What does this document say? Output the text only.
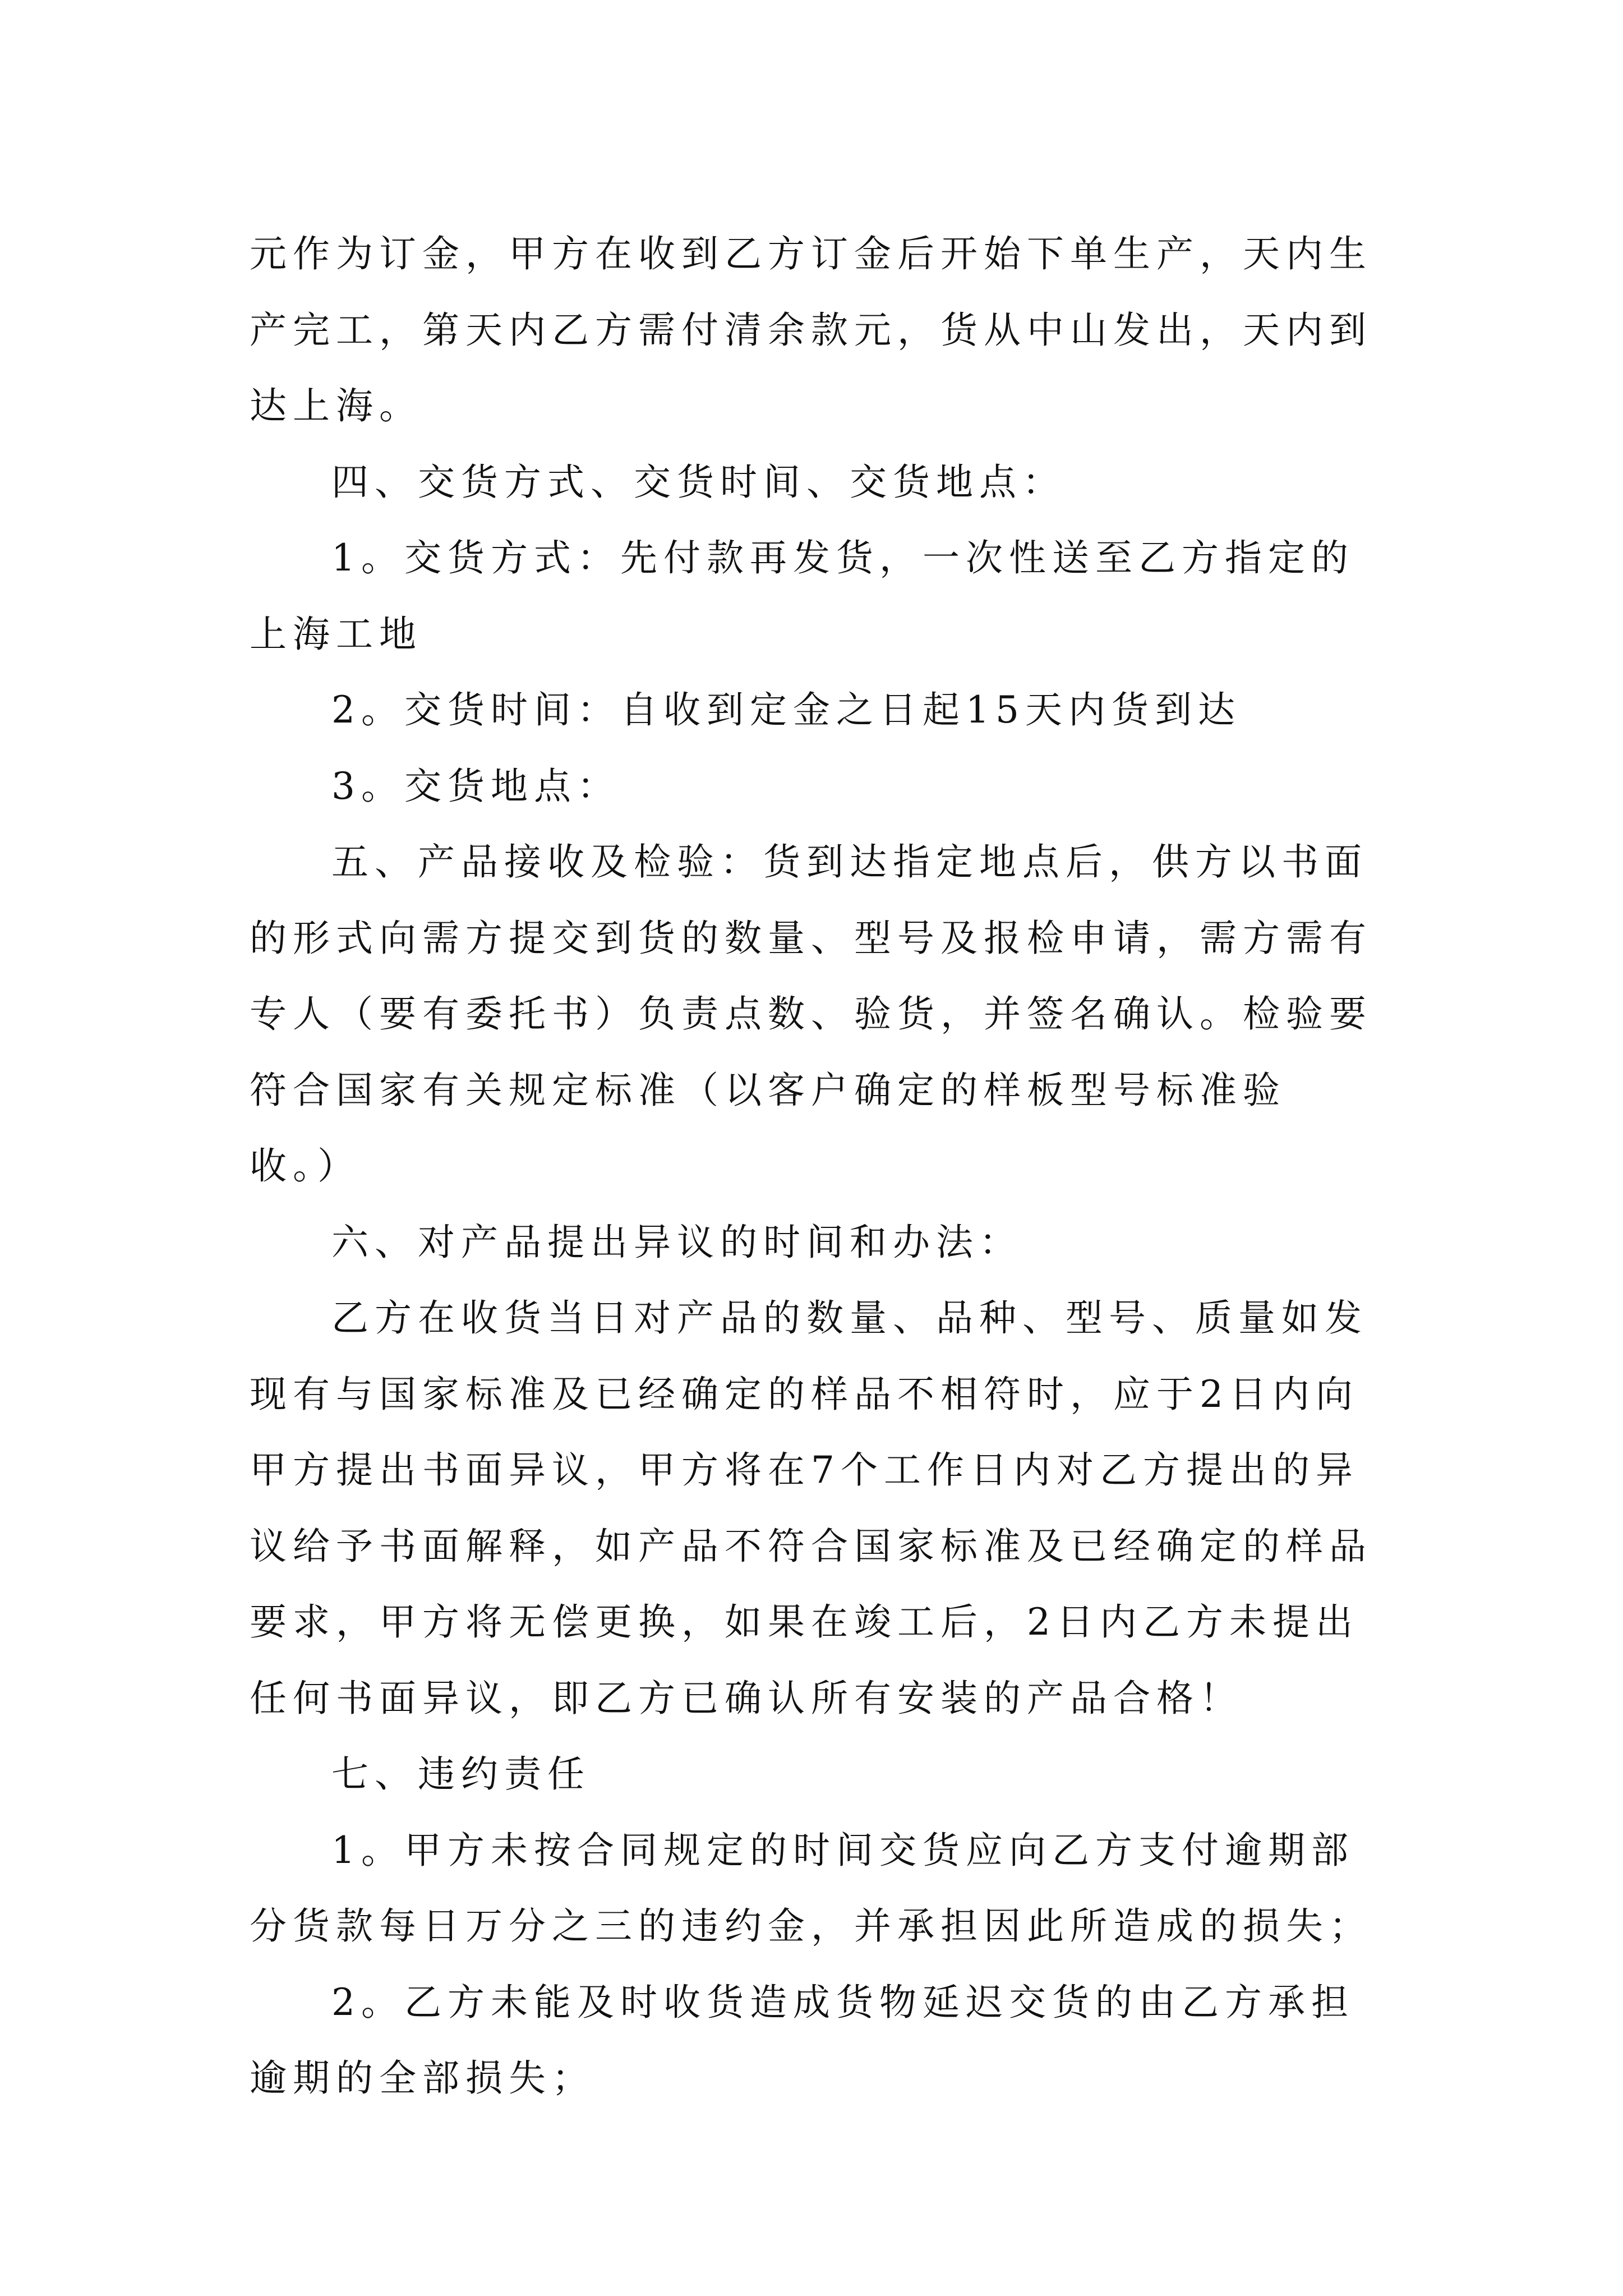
元作为订金，甲方在收到乙方订金后开始下单生产，天内生产完工，第天内乙方需付清余款元，货从中山发出，天内到达上海。

四、交货方式、交货时间、交货地点：

1。交货方式：先付款再发货，一次性送至乙方指定的上海工地

2。交货时间：自收到定金之日起15天内货到达

3。交货地点：

五、产品接收及检验：货到达指定地点后，供方以书面的形式向需方提交到货的数量、型号及报检申请，需方需有专人（要有委托书）负责点数、验货，并签名确认。检验要符合国家有关规定标准（以客户确定的样板型号标准验收。）

六、对产品提出异议的时间和办法：

乙方在收货当日对产品的数量、品种、型号、质量如发现有与国家标准及已经确定的样品不相符时，应于2日内向甲方提出书面异议，甲方将在7个工作日内对乙方提出的异议给予书面解释，如产品不符合国家标准及已经确定的样品要求，甲方将无偿更换，如果在竣工后，2日内乙方未提出任何书面异议，即乙方已确认所有安装的产品合格！

七、违约责任

1。甲方未按合同规定的时间交货应向乙方支付逾期部分货款每日万分之三的违约金，并承担因此所造成的损失；

2。乙方未能及时收货造成货物延迟交货的由乙方承担逾期的全部损失；
